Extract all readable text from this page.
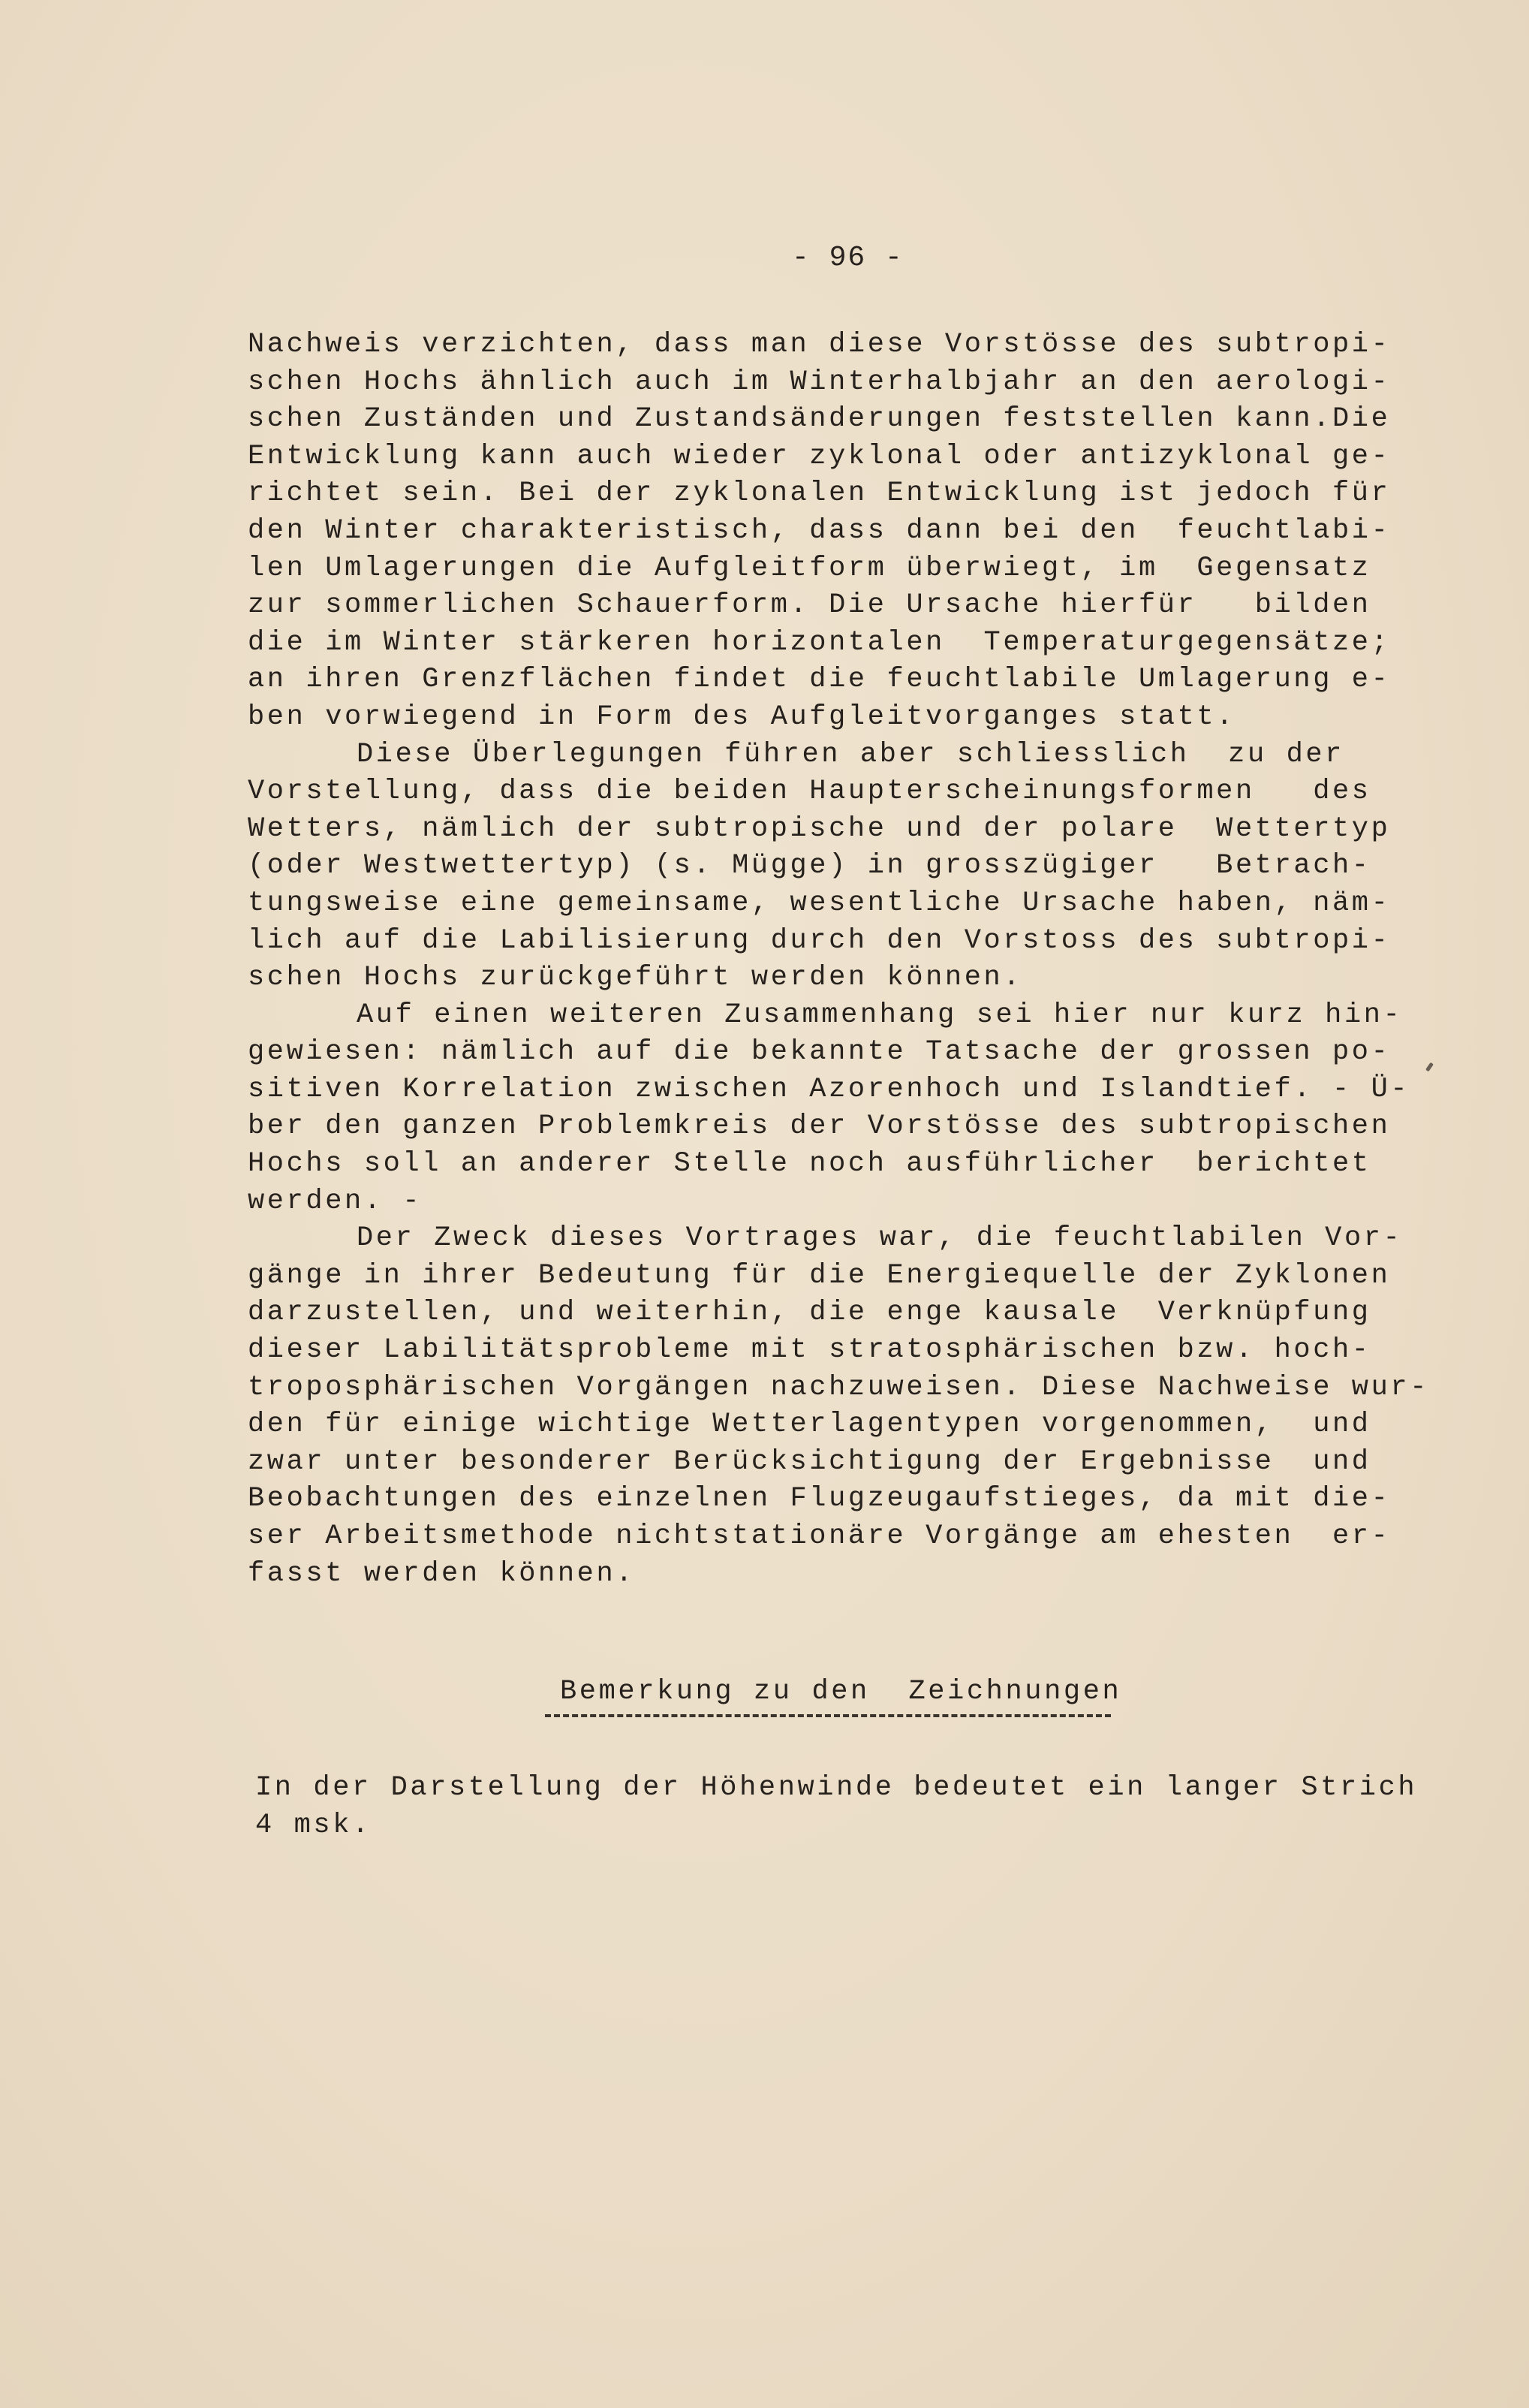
- 96 -
Nachweis verzichten, dass man diese Vorstösse des subtropi-
schen Hochs ähnlich auch im Winterhalbjahr an den aerologi-
schen Zuständen und Zustandsänderungen feststellen kann.Die
Entwicklung kann auch wieder zyklonal oder antizyklonal ge-
richtet sein. Bei der zyklonalen Entwicklung ist jedoch für
den Winter charakteristisch, dass dann bei den  feuchtlabi-
len Umlagerungen die Aufgleitform überwiegt, im  Gegensatz
zur sommerlichen Schauerform. Die Ursache hierfür   bilden
die im Winter stärkeren horizontalen  Temperaturgegensätze;
an ihren Grenzflächen findet die feuchtlabile Umlagerung e-
ben vorwiegend in Form des Aufgleitvorganges statt.
Diese Überlegungen führen aber schliesslich  zu der
Vorstellung, dass die beiden Haupterscheinungsformen   des
Wetters, nämlich der subtropische und der polare  Wettertyp
(oder Westwettertyp) (s. Mügge) in grosszügiger   Betrach-
tungsweise eine gemeinsame, wesentliche Ursache haben, näm-
lich auf die Labilisierung durch den Vorstoss des subtropi-
schen Hochs zurückgeführt werden können.
Auf einen weiteren Zusammenhang sei hier nur kurz hin-
gewiesen: nämlich auf die bekannte Tatsache der grossen po-
sitiven Korrelation zwischen Azorenhoch und Islandtief. - Ü-
ber den ganzen Problemkreis der Vorstösse des subtropischen
Hochs soll an anderer Stelle noch ausführlicher  berichtet
werden. -
Der Zweck dieses Vortrages war, die feuchtlabilen Vor-
gänge in ihrer Bedeutung für die Energiequelle der Zyklonen
darzustellen, und weiterhin, die enge kausale  Verknüpfung
dieser Labilitätsprobleme mit stratosphärischen bzw. hoch-
troposphärischen Vorgängen nachzuweisen. Diese Nachweise wur-
den für einige wichtige Wetterlagentypen vorgenommen,  und
zwar unter besonderer Berücksichtigung der Ergebnisse  und
Beobachtungen des einzelnen Flugzeugaufstieges, da mit die-
ser Arbeitsmethode nichtstationäre Vorgänge am ehesten  er-
fasst werden können.
Bemerkung zu den  Zeichnungen
In der Darstellung der Höhenwinde bedeutet ein langer Strich
4 msk.
